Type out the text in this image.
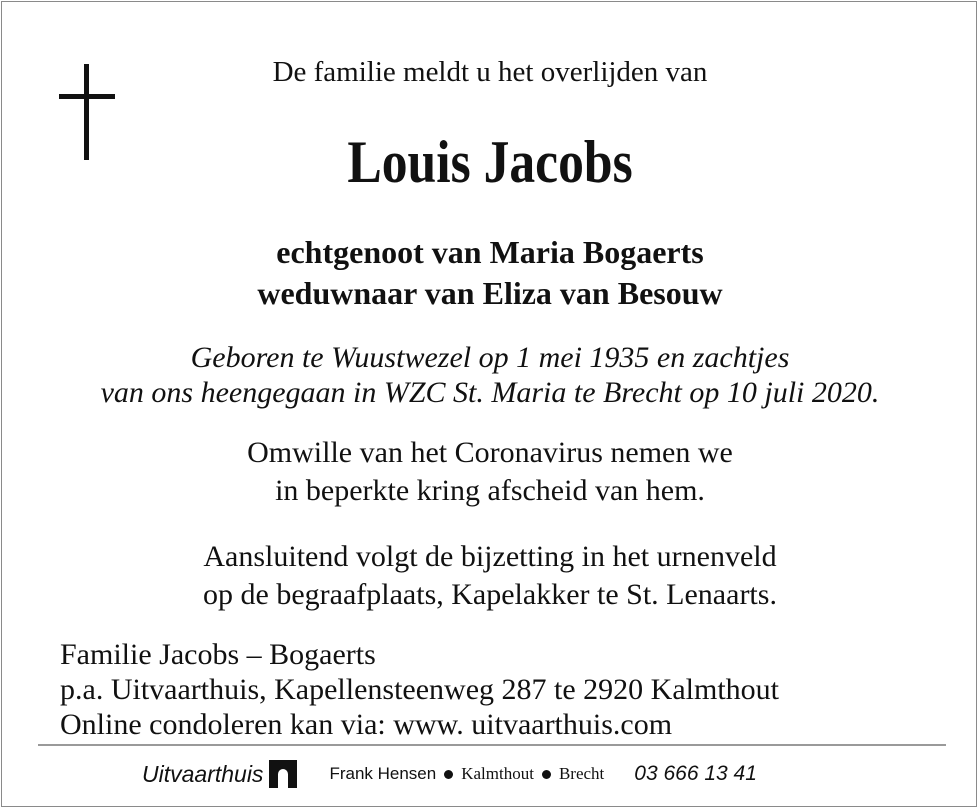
De familie meldt u het overlijden van
Louis Jacobs
echtgenoot van Maria Bogaerts
weduwnaar van Eliza van Besouw
Geboren te Wuustwezel op 1 mei 1935 en zachtjes
van ons heengegaan in WZC St. Maria te Brecht op 10 juli 2020.
Omwille van het Coronavirus nemen we
in beperkte kring afscheid van hem.
Aansluitend volgt de bijzetting in het urnenveld
op de begraafplaats, Kapelakker te St. Lenaarts.
Familie Jacobs – Bogaerts
p.a. Uitvaarthuis, Kapellensteenweg 287 te 2920 Kalmthout
Online condoleren kan via: www. uitvaarthuis.com
Uitvaarthuis	Frank Hensen Kalmthout Brecht 03 666 13 41
